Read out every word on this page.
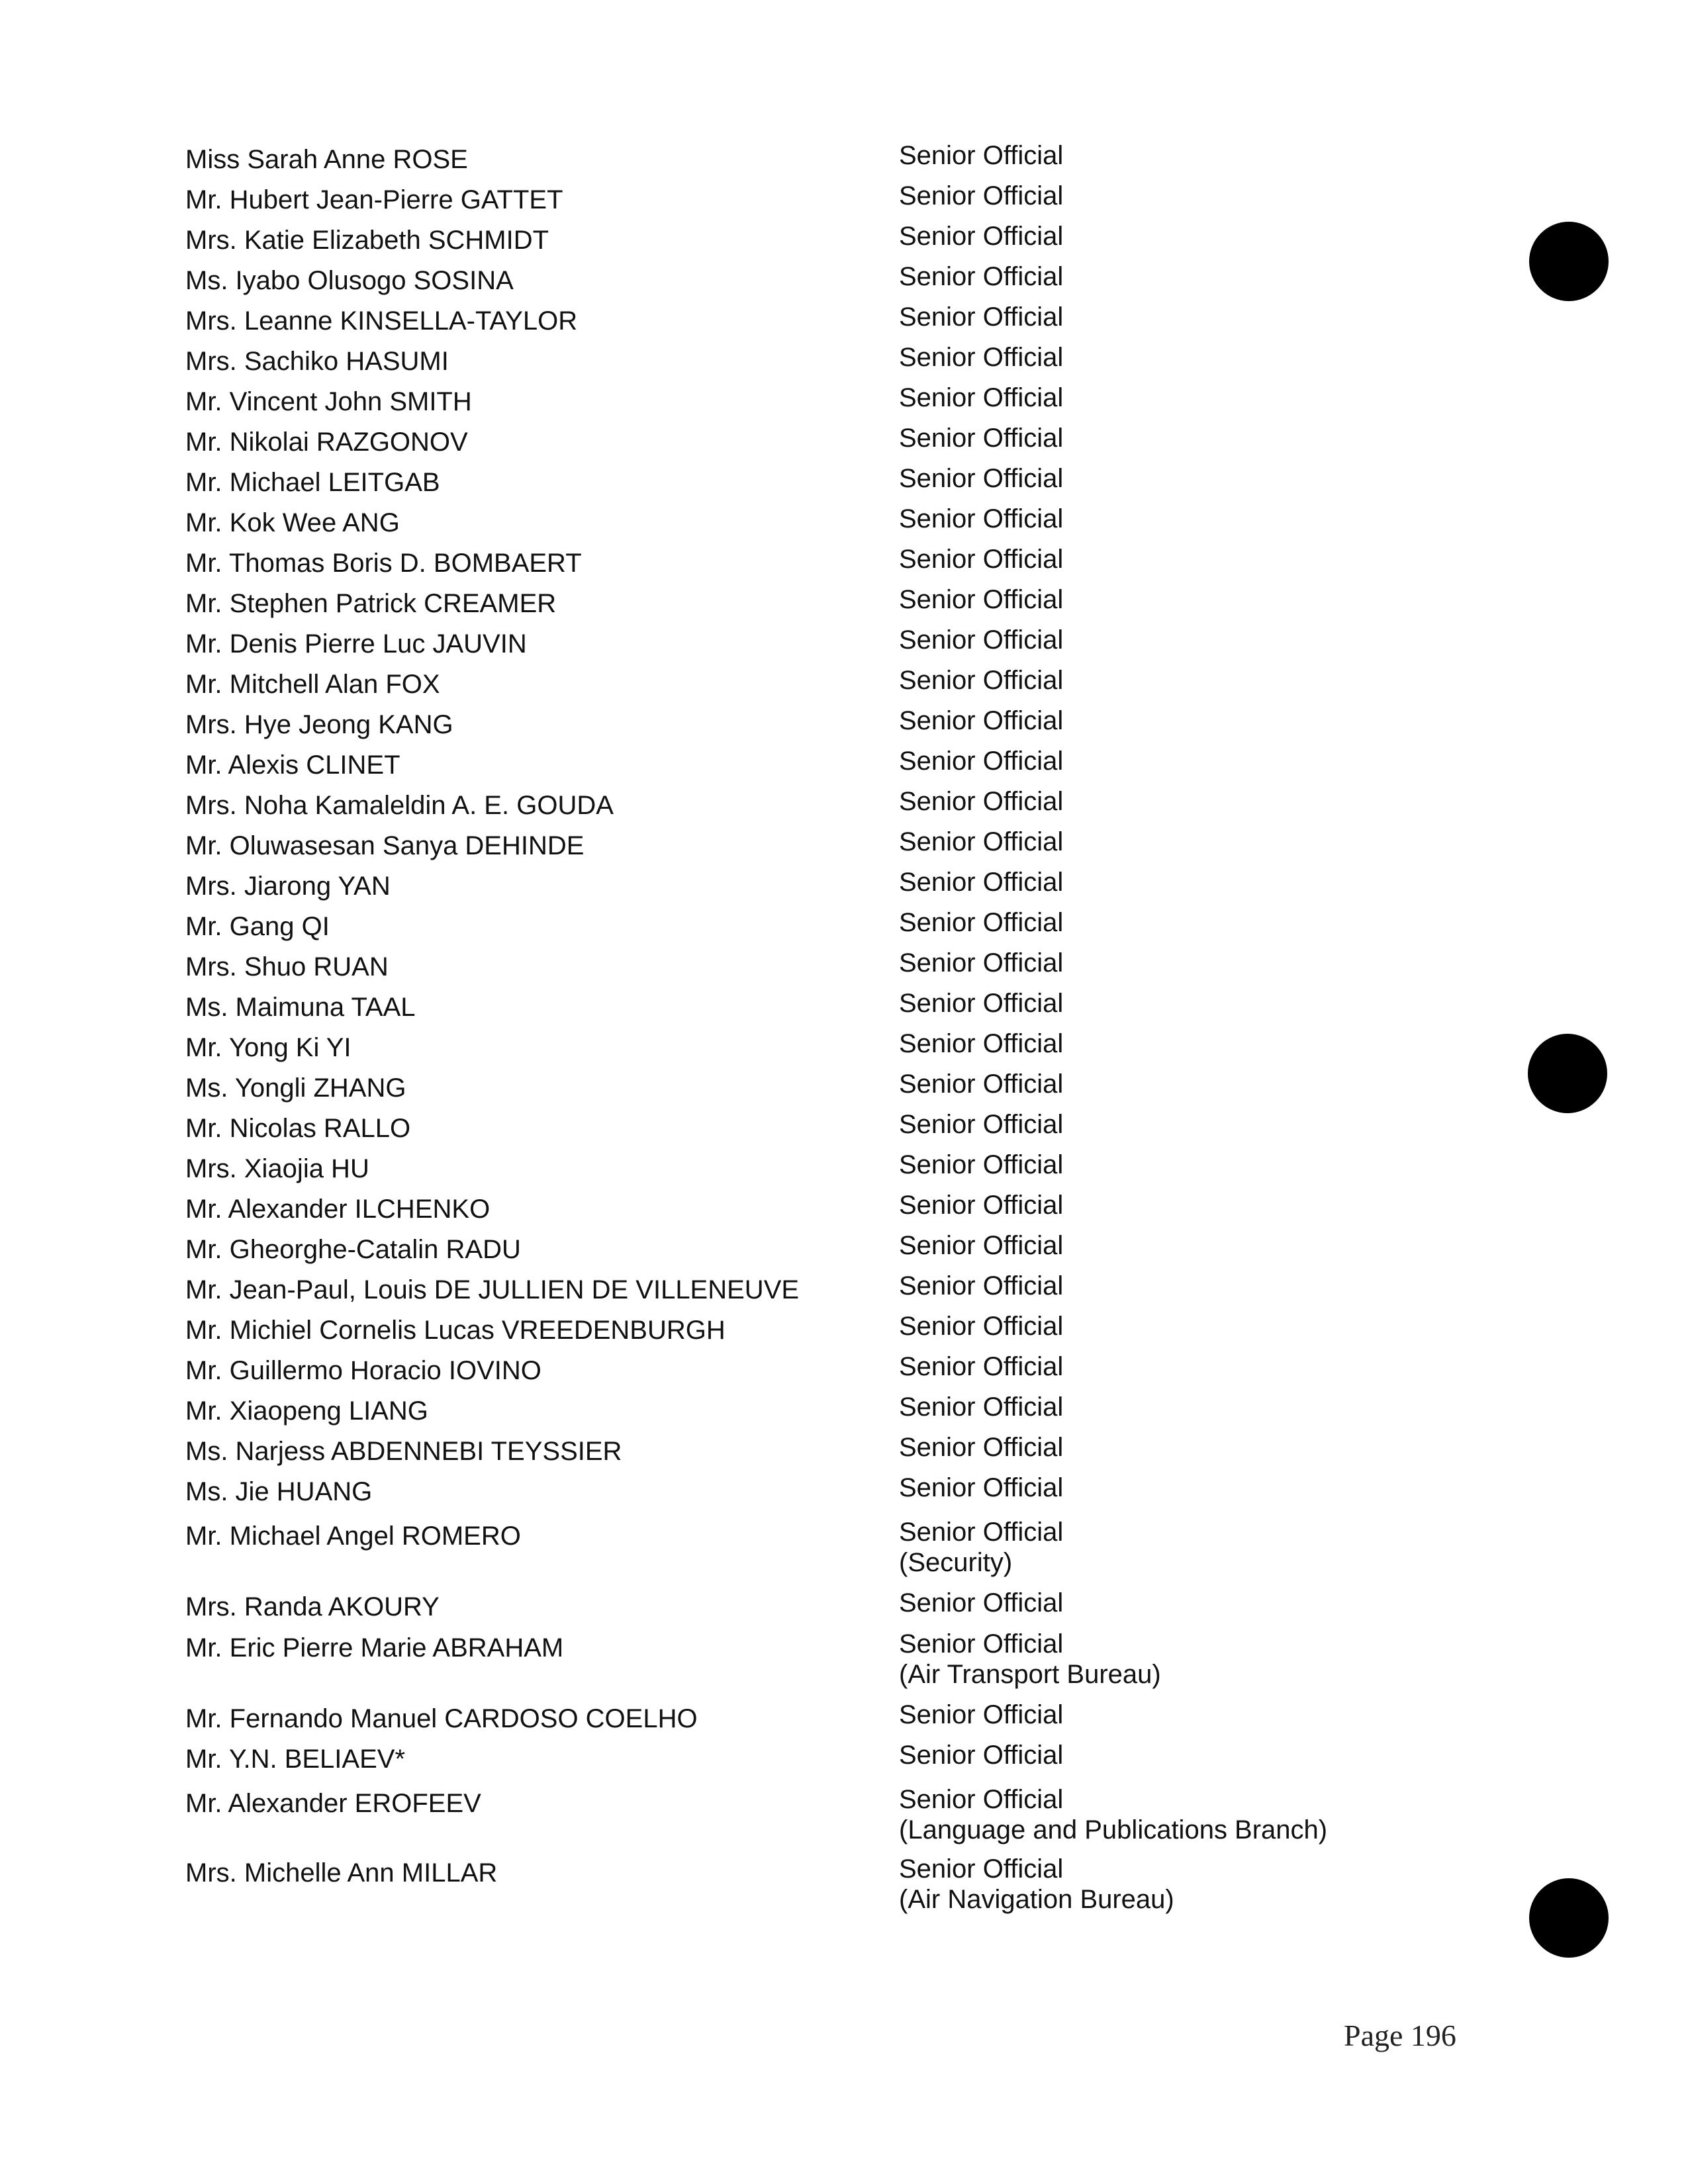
Miss Sarah Anne ROSE	Senior Official
Mr. Hubert Jean-Pierre GATTET	Senior Official
Mrs. Katie Elizabeth SCHMIDT	Senior Official
Ms. Iyabo Olusogo SOSINA	Senior Official
Mrs. Leanne KINSELLA-TAYLOR	Senior Official
Mrs. Sachiko HASUMI	Senior Official
Mr. Vincent John SMITH	Senior Official
Mr. Nikolai RAZGONOV	Senior Official
Mr. Michael LEITGAB	Senior Official
Mr. Kok Wee ANG	Senior Official
Mr. Thomas Boris D. BOMBAERT	Senior Official
Mr. Stephen Patrick CREAMER	Senior Official
Mr. Denis Pierre Luc JAUVIN	Senior Official
Mr. Mitchell Alan FOX	Senior Official
Mrs. Hye Jeong KANG	Senior Official
Mr. Alexis CLINET	Senior Official
Mrs. Noha Kamaleldin A. E. GOUDA	Senior Official
Mr. Oluwasesan Sanya DEHINDE	Senior Official
Mrs. Jiarong YAN	Senior Official
Mr. Gang QI	Senior Official
Mrs. Shuo RUAN	Senior Official
Ms. Maimuna TAAL	Senior Official
Mr. Yong Ki YI	Senior Official
Ms. Yongli ZHANG	Senior Official
Mr. Nicolas RALLO	Senior Official
Mrs. Xiaojia HU	Senior Official
Mr. Alexander ILCHENKO	Senior Official
Mr. Gheorghe-Catalin RADU	Senior Official
Mr. Jean-Paul, Louis DE JULLIEN DE VILLENEUVE	Senior Official
Mr. Michiel Cornelis Lucas VREEDENBURGH	Senior Official
Mr. Guillermo Horacio IOVINO	Senior Official
Mr. Xiaopeng LIANG	Senior Official
Ms. Narjess ABDENNEBI TEYSSIER	Senior Official
Ms. Jie HUANG	Senior Official
Mr. Michael Angel ROMERO	Senior Official
(Security)
Mrs. Randa AKOURY	Senior Official
Mr. Eric Pierre Marie ABRAHAM	Senior Official
(Air Transport Bureau)
Mr. Fernando Manuel CARDOSO COELHO	Senior Official
Mr. Y.N. BELIAEV*	Senior Official
Mr. Alexander EROFEEV	Senior Official
(Language and Publications Branch)
Mrs. Michelle Ann MILLAR	Senior Official
(Air Navigation Bureau)
Page 196
